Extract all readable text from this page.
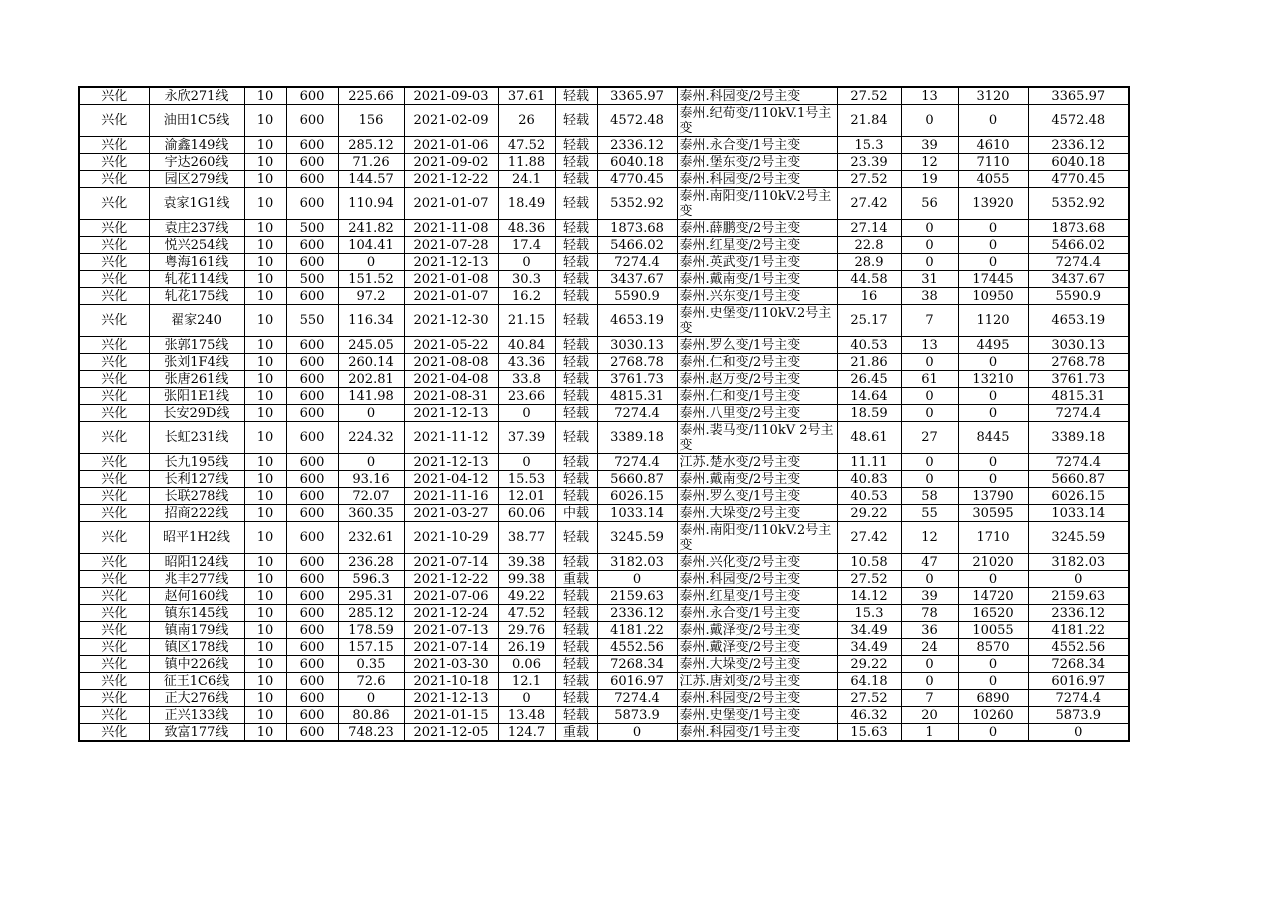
兴化	永欣271线	10	600	225.66	2021-09-03	37.61	轻载	3365.97	泰州.科园变/2号主变	27.52	13	3120	3365.97
兴化	油田1C5线	10	600	156	2021-02-09	26	轻载	4572.48	泰州.纪荀变/110kV.1号主变	21.84	0	0	4572.48
兴化	渝鑫149线	10	600	285.12	2021-01-06	47.52	轻载	2336.12	泰州.永合变/1号主变	15.3	39	4610	2336.12
兴化	宇达260线	10	600	71.26	2021-09-02	11.88	轻载	6040.18	泰州.堡东变/2号主变	23.39	12	7110	6040.18
兴化	园区279线	10	600	144.57	2021-12-22	24.1	轻载	4770.45	泰州.科园变/2号主变	27.52	19	4055	4770.45
兴化	袁家1G1线	10	600	110.94	2021-01-07	18.49	轻载	5352.92	泰州.南阳变/110kV.2号主变	27.42	56	13920	5352.92
兴化	袁庄237线	10	500	241.82	2021-11-08	48.36	轻载	1873.68	泰州.薛鹏变/2号主变	27.14	0	0	1873.68
兴化	悦兴254线	10	600	104.41	2021-07-28	17.4	轻载	5466.02	泰州.红星变/2号主变	22.8	0	0	5466.02
兴化	粤海161线	10	600	0	2021-12-13	0	轻载	7274.4	泰州.英武变/1号主变	28.9	0	0	7274.4
兴化	轧花114线	10	500	151.52	2021-01-08	30.3	轻载	3437.67	泰州.戴南变/1号主变	44.58	31	17445	3437.67
兴化	轧花175线	10	600	97.2	2021-01-07	16.2	轻载	5590.9	泰州.兴东变/1号主变	16	38	10950	5590.9
兴化	翟家240	10	550	116.34	2021-12-30	21.15	轻载	4653.19	泰州.史堡变/110kV.2号主变	25.17	7	1120	4653.19
兴化	张郭175线	10	600	245.05	2021-05-22	40.84	轻载	3030.13	泰州.罗么变/1号主变	40.53	13	4495	3030.13
兴化	张刘1F4线	10	600	260.14	2021-08-08	43.36	轻载	2768.78	泰州.仁和变/2号主变	21.86	0	0	2768.78
兴化	张唐261线	10	600	202.81	2021-04-08	33.8	轻载	3761.73	泰州.赵万变/2号主变	26.45	61	13210	3761.73
兴化	张阳1E1线	10	600	141.98	2021-08-31	23.66	轻载	4815.31	泰州.仁和变/1号主变	14.64	0	0	4815.31
兴化	长安29D线	10	600	0	2021-12-13	0	轻载	7274.4	泰州.八里变/2号主变	18.59	0	0	7274.4
兴化	长虹231线	10	600	224.32	2021-11-12	37.39	轻载	3389.18	泰州.裴马变/110kV 2号主变	48.61	27	8445	3389.18
兴化	长九195线	10	600	0	2021-12-13	0	轻载	7274.4	江苏.楚水变/2号主变	11.11	0	0	7274.4
兴化	长利127线	10	600	93.16	2021-04-12	15.53	轻载	5660.87	泰州.戴南变/2号主变	40.83	0	0	5660.87
兴化	长联278线	10	600	72.07	2021-11-16	12.01	轻载	6026.15	泰州.罗么变/1号主变	40.53	58	13790	6026.15
兴化	招商222线	10	600	360.35	2021-03-27	60.06	中载	1033.14	泰州.大垛变/2号主变	29.22	55	30595	1033.14
兴化	昭平1H2线	10	600	232.61	2021-10-29	38.77	轻载	3245.59	泰州.南阳变/110kV.2号主变	27.42	12	1710	3245.59
兴化	昭阳124线	10	600	236.28	2021-07-14	39.38	轻载	3182.03	泰州.兴化变/2号主变	10.58	47	21020	3182.03
兴化	兆丰277线	10	600	596.3	2021-12-22	99.38	重载	0	泰州.科园变/2号主变	27.52	0	0	0
兴化	赵何160线	10	600	295.31	2021-07-06	49.22	轻载	2159.63	泰州.红星变/1号主变	14.12	39	14720	2159.63
兴化	镇东145线	10	600	285.12	2021-12-24	47.52	轻载	2336.12	泰州.永合变/1号主变	15.3	78	16520	2336.12
兴化	镇南179线	10	600	178.59	2021-07-13	29.76	轻载	4181.22	泰州.戴泽变/2号主变	34.49	36	10055	4181.22
兴化	镇区178线	10	600	157.15	2021-07-14	26.19	轻载	4552.56	泰州.戴泽变/2号主变	34.49	24	8570	4552.56
兴化	镇中226线	10	600	0.35	2021-03-30	0.06	轻载	7268.34	泰州.大垛变/2号主变	29.22	0	0	7268.34
兴化	征王1C6线	10	600	72.6	2021-10-18	12.1	轻载	6016.97	江苏.唐刘变/2号主变	64.18	0	0	6016.97
兴化	正大276线	10	600	0	2021-12-13	0	轻载	7274.4	泰州.科园变/2号主变	27.52	7	6890	7274.4
兴化	正兴133线	10	600	80.86	2021-01-15	13.48	轻载	5873.9	泰州.史堡变/1号主变	46.32	20	10260	5873.9
兴化	致富177线	10	600	748.23	2021-12-05	124.7	重载	0	泰州.科园变/1号主变	15.63	1	0	0
